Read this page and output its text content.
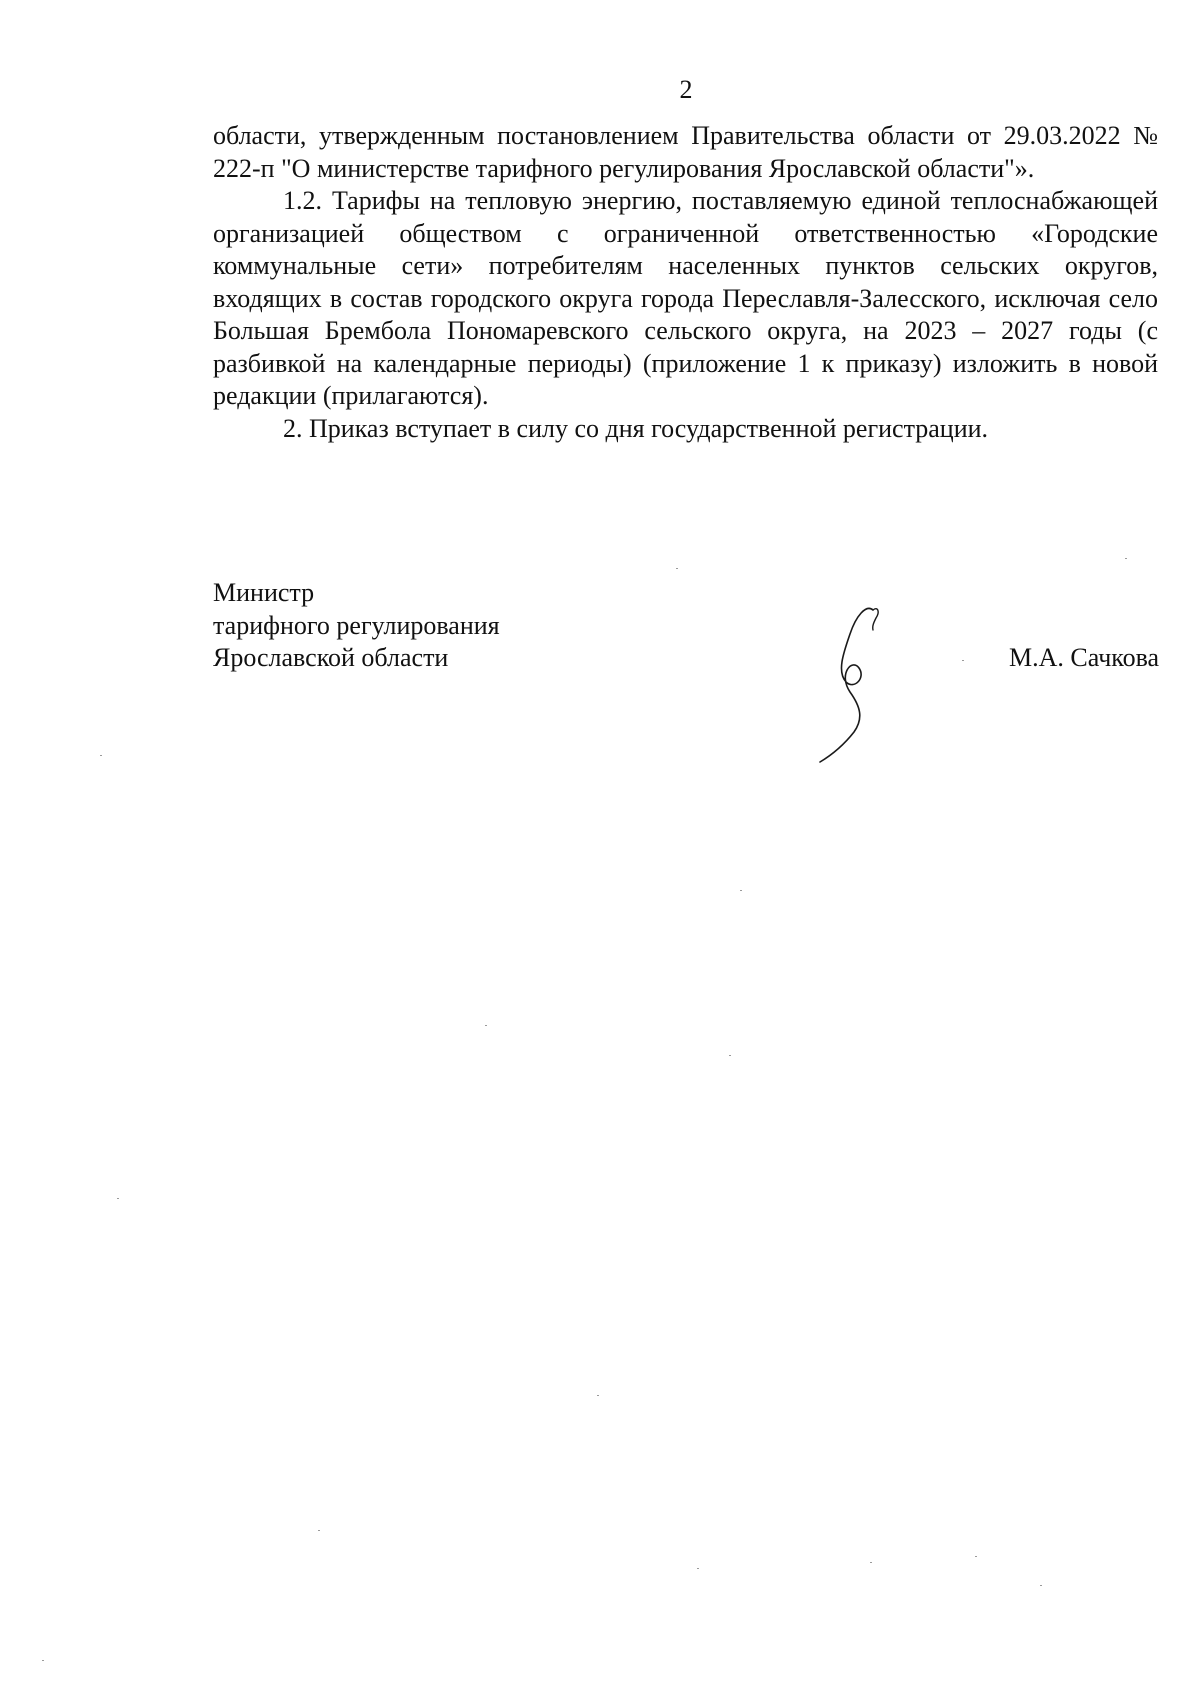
2

области, утвержденным постановлением Правительства области от 29.03.2022 № 222-п "О министерстве тарифного регулирования Ярославской области"».

1.2. Тарифы на тепловую энергию, поставляемую единой теплоснабжающей организацией обществом с ограниченной ответственностью «Городские коммунальные сети» потребителям населенных пунктов сельских округов, входящих в состав городского округа города Переславля-Залесского, исключая село Большая Брембола Пономаревского сельского округа, на 2023 – 2027 годы (с разбивкой на календарные периоды) (приложение 1 к приказу) изложить в новой редакции (прилагаются).

2. Приказ вступает в силу со дня государственной регистрации.

Министр
тарифного регулирования
Ярославской области	М.А. Сачкова
